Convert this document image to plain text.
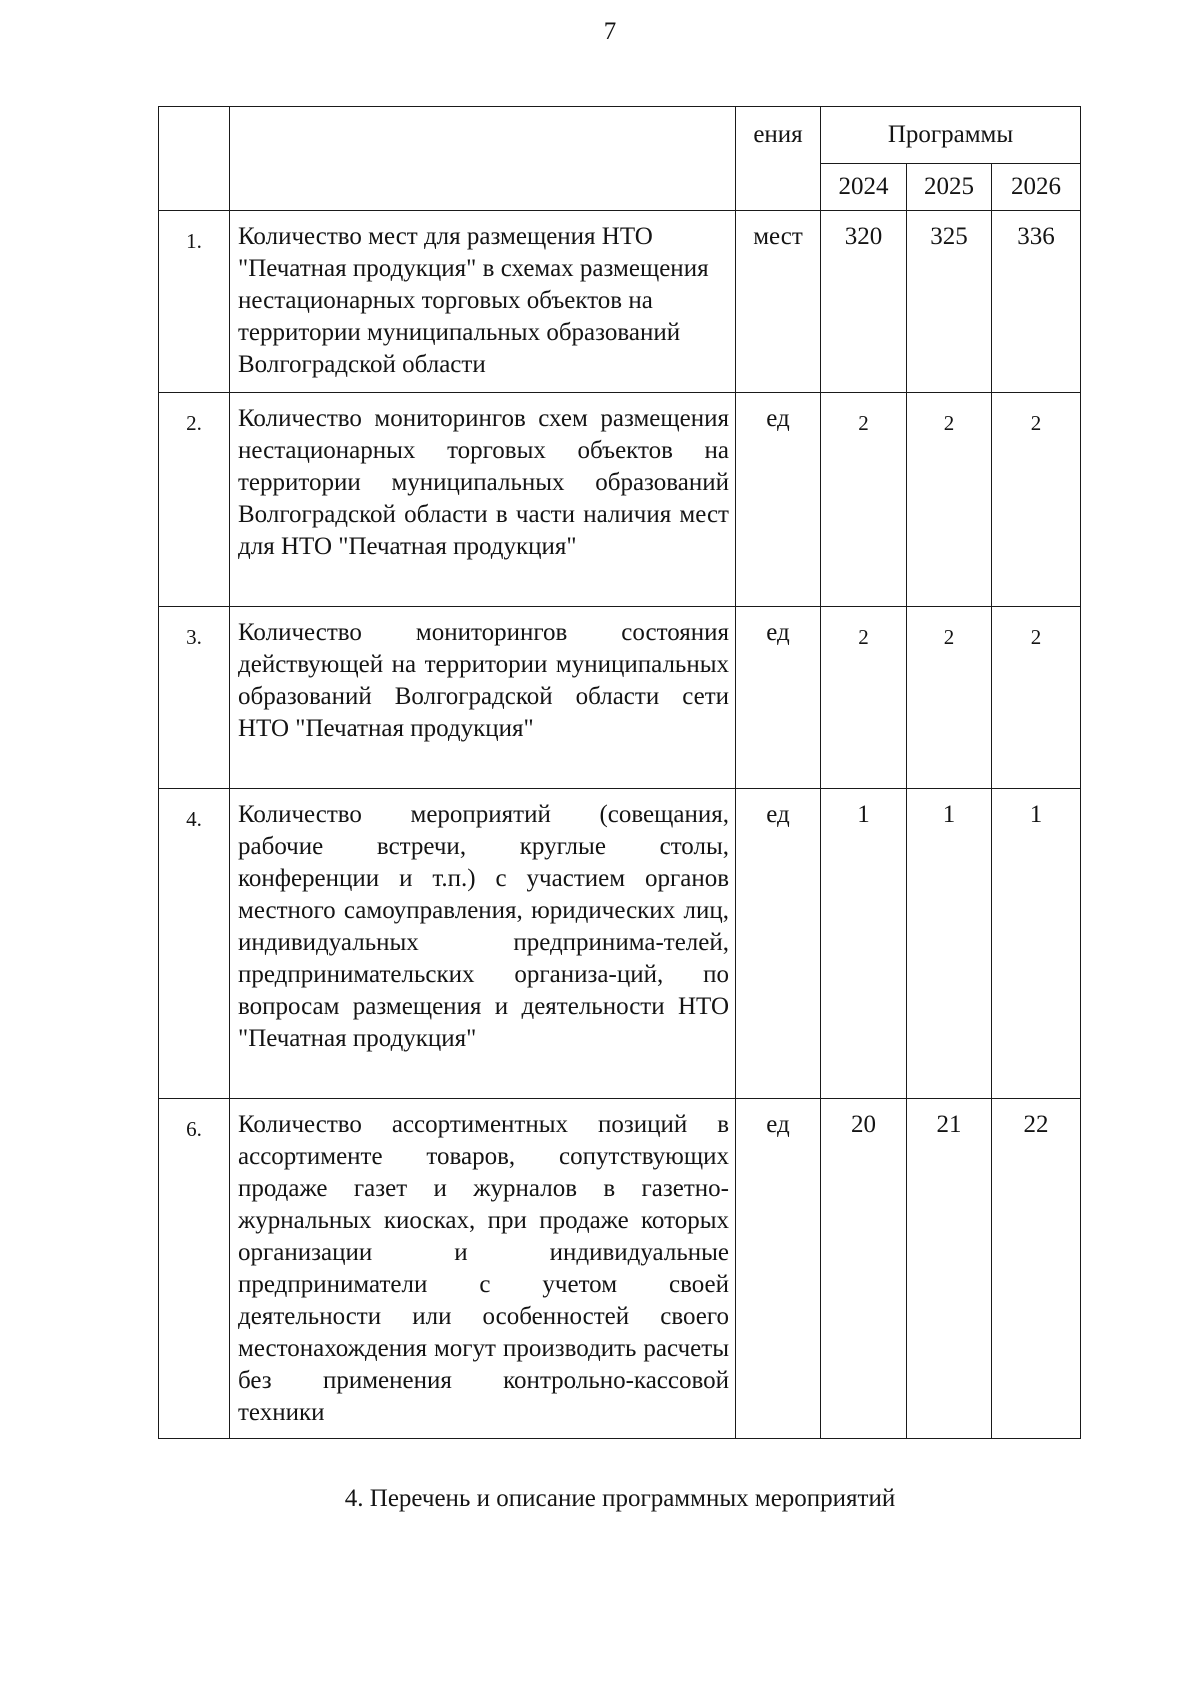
7
		ения	Программы		
			2024	2025	2026
1.	Количество мест для размещения НТО "Печатная продукция" в схемах размещения нестационарных торговых объектов на территории муниципальных образований Волгоградской области	мест	320	325	336
2.	Количество мониторингов схем размещения нестационарных торговых объектов на территории муниципальных образований Волгоградской области в части наличия мест для НТО "Печатная продукция"	ед	2	2	2
3.	Количество мониторингов состояния действующей на территории муниципальных образований Волгоградской области сети НТО "Печатная продукция"	ед	2	2	2
4.	Количество мероприятий (совещания, рабочие встречи, круглые столы, конференции и т.п.) с участием органов местного самоуправления, юридических лиц, индивидуальных предпринима-телей, предпринимательских организа-ций, по вопросам размещения и деятельности НТО "Печатная продукция"	ед	1	1	1
6.	Количество ассортиментных позиций в ассортименте товаров, сопутствующих продаже газет и журналов в газетно-журнальных киосках, при продаже которых организации и индивидуальные предприниматели с учетом своей деятельности или особенностей своего местонахождения могут производить расчеты без применения контрольно-кассовой техники	ед	20	21	22
4. Перечень и описание программных мероприятий
